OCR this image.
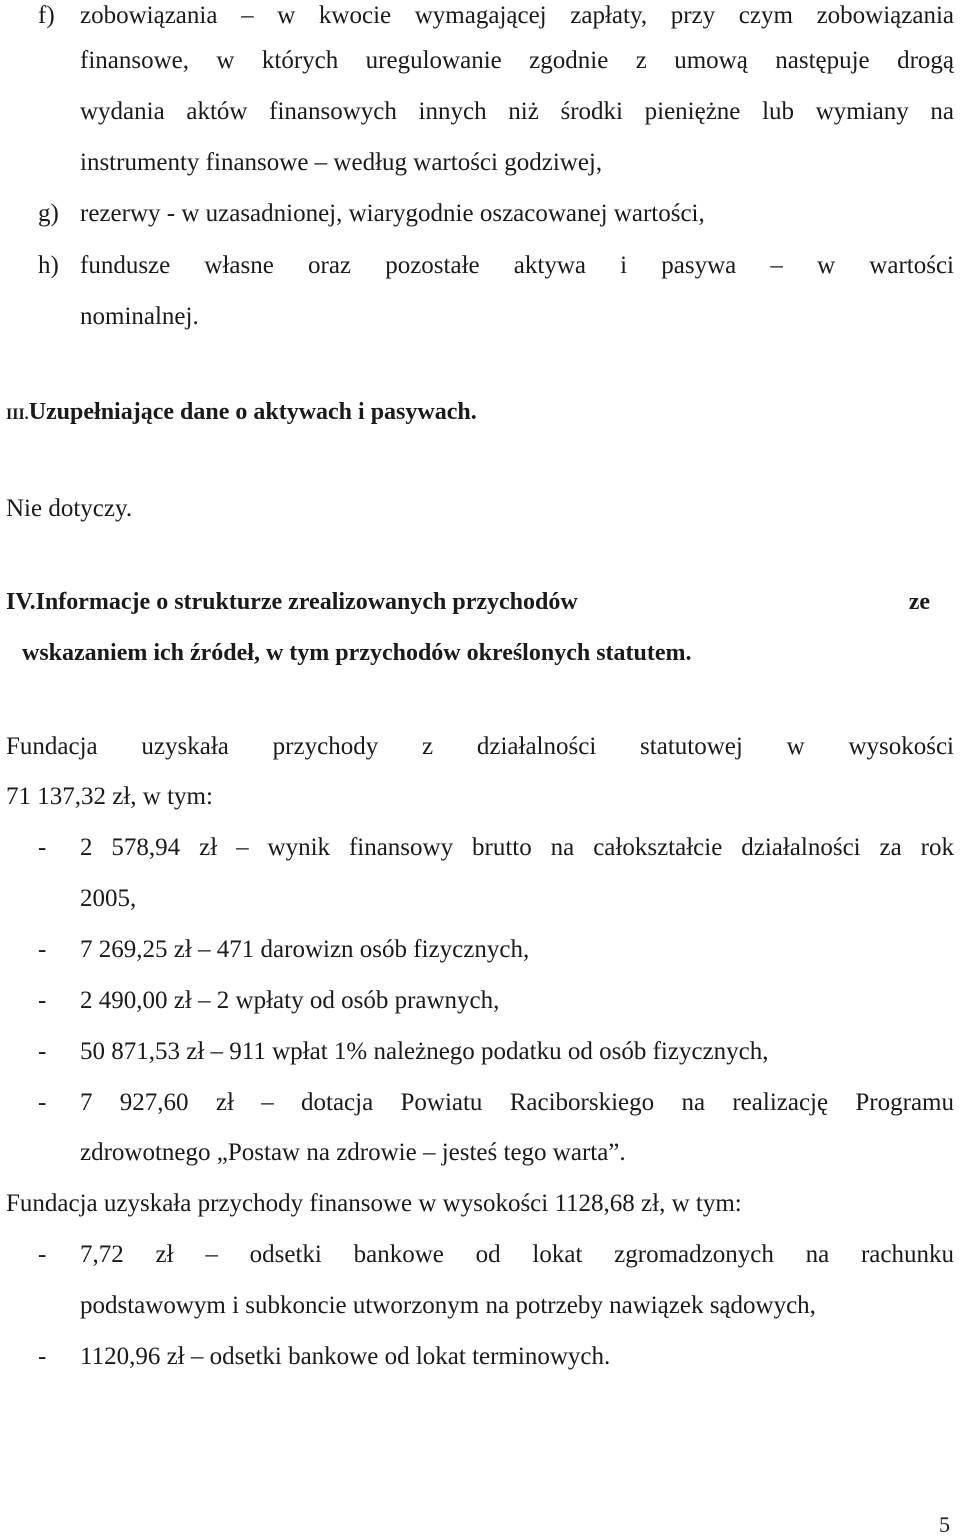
f) zobowiązania – w kwocie wymagającej zapłaty, przy czym zobowiązania
finansowe, w których uregulowanie zgodnie z umową następuje drogą
wydania aktów finansowych innych niż środki pieniężne lub wymiany na
instrumenty finansowe – według wartości godziwej,
g) rezerwy - w uzasadnionej, wiarygodnie oszacowanej wartości,
h) fundusze własne oraz pozostałe aktywa i pasywa – w wartości
nominalnej.
III.Uzupełniające dane o aktywach i pasywach.
Nie dotyczy.
IV.Informacje o strukturze zrealizowanych przychodów	ze
wskazaniem ich źródeł, w tym przychodów określonych statutem.
Fundacja uzyskała przychody z działalności statutowej w wysokości
71 137,32 zł, w tym:
- 2 578,94 zł – wynik finansowy brutto na całokształcie działalności za rok
2005,
- 7 269,25 zł – 471 darowizn osób fizycznych,
- 2 490,00 zł – 2 wpłaty od osób prawnych,
- 50 871,53 zł – 911 wpłat 1% należnego podatku od osób fizycznych,
- 7 927,60 zł – dotacja Powiatu Raciborskiego na realizację Programu
zdrowotnego „Postaw na zdrowie – jesteś tego warta”.
Fundacja uzyskała przychody finansowe w wysokości 1128,68 zł, w tym:
- 7,72 zł – odsetki bankowe od lokat zgromadzonych na rachunku
podstawowym i subkoncie utworzonym na potrzeby nawiązek sądowych,
- 1120,96 zł – odsetki bankowe od lokat terminowych.
5
